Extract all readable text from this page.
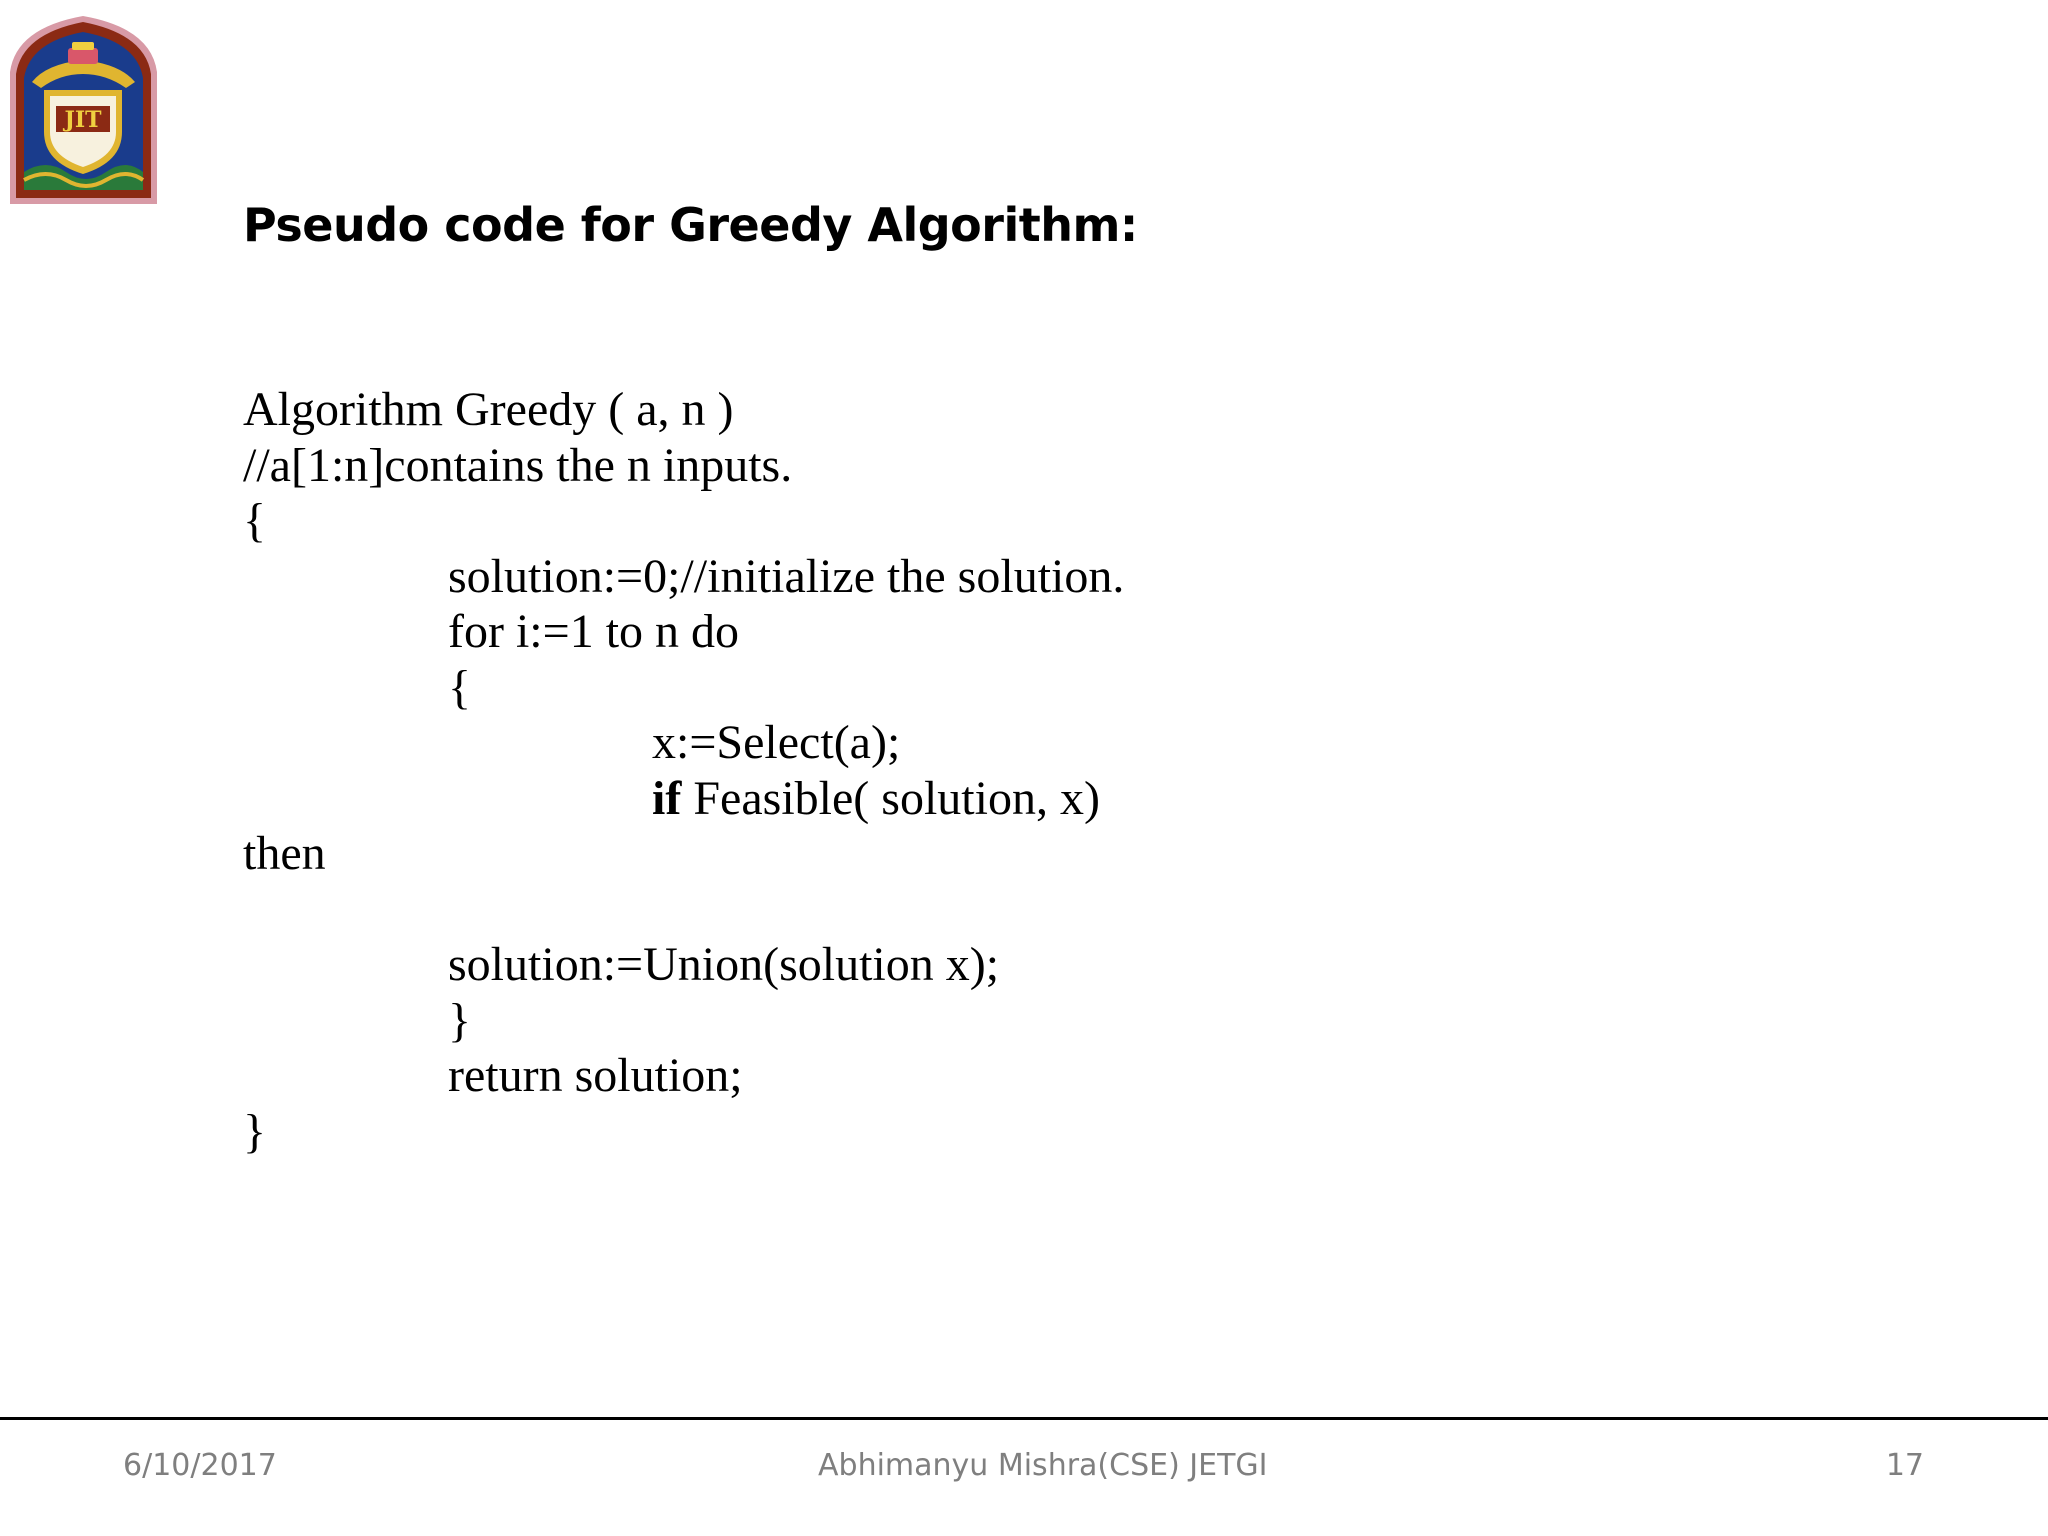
JIT
Pseudo code for Greedy Algorithm:
Algorithm Greedy ( a, n )
//a[1:n]contains the n inputs.
{
solution:=0;//initialize the solution.
for i:=1 to n do
{
x:=Select(a);
if Feasible( solution, x)
then
solution:=Union(solution x);
}
return solution;
}
6/10/2017	Abhimanyu Mishra(CSE) JETGI	17
